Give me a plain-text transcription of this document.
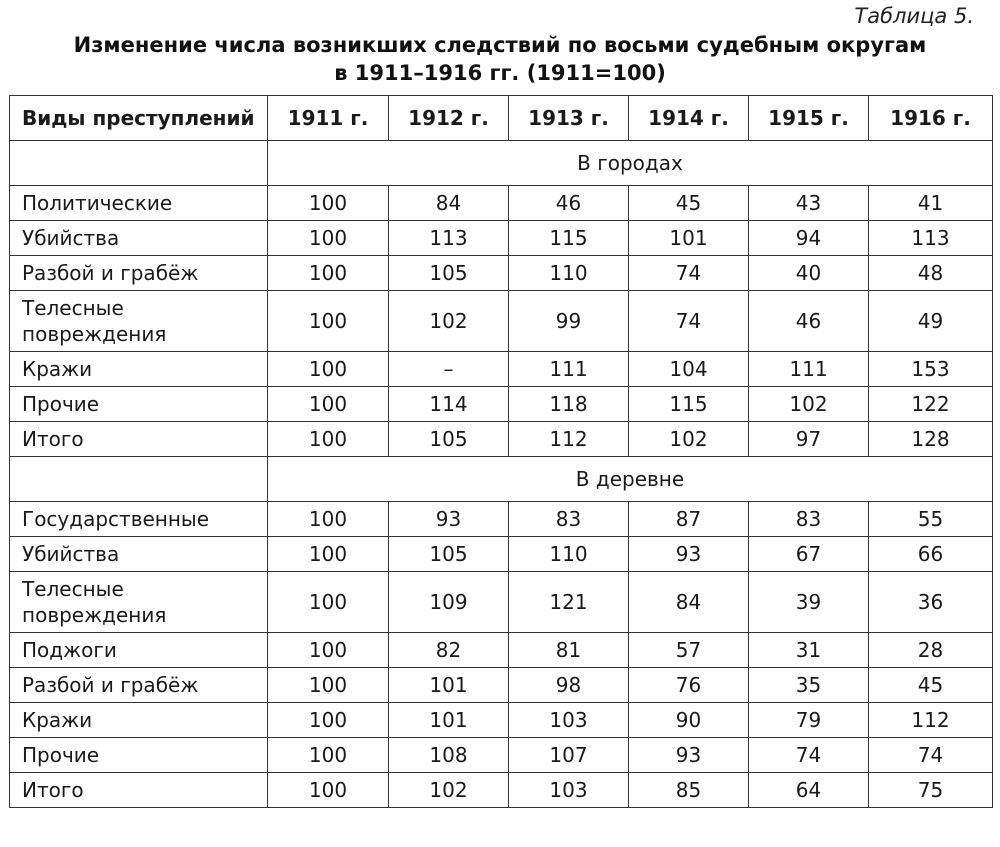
Таблица 5.
Изменение числа возникших следствий по восьми судебным округам
в 1911–1916 гг. (1911=100)
Виды преступлений	1911 г.	1912 г.	1913 г.	1914 г.	1915 г.	1916 г.
	В городах					
Политические	100	84	46	45	43	41
Убийства	100	113	115	101	94	113
Разбой и грабёж	100	105	110	74	40	48

Телесные
повреждения	100	102	99	74	46	49
Кражи	100	–	111	104	111	153
Прочие	100	114	118	115	102	122
Итого	100	105	112	102	97	128
	В деревне					
Государственные	100	93	83	87	83	55
Убийства	100	105	110	93	67	66

Телесные
повреждения	100	109	121	84	39	36
Поджоги	100	82	81	57	31	28
Разбой и грабёж	100	101	98	76	35	45
Кражи	100	101	103	90	79	112
Прочие	100	108	107	93	74	74
Итого	100	102	103	85	64	75
